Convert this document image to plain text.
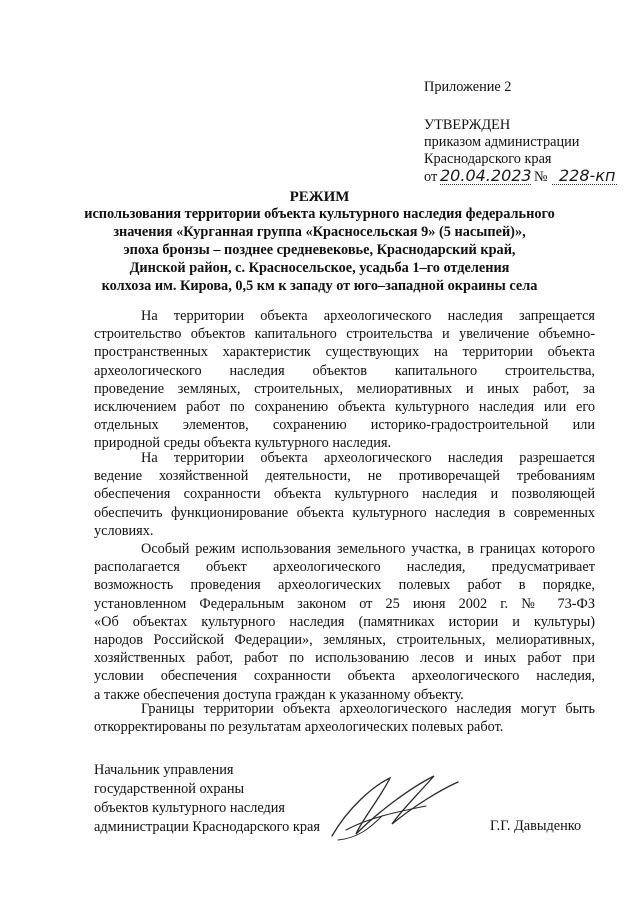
Приложение 2
УТВЕРЖДЕН
приказом администрации
Краснодарского края
от 20.04.2023 № 228-кп
РЕЖИМ
использования территории объекта культурного наследия федерального
значения «Курганная группа «Красносельская 9» (5 насыпей)»,
эпоха бронзы – позднее средневековье, Краснодарский край,
Динской район, с. Красносельское, усадьба 1–го отделения
колхоза им. Кирова, 0,5 км к западу от юго–западной окраины села
На территории объекта археологического наследия запрещается
строительство объектов капитального строительства и увеличение объемно-
пространственных характеристик существующих на территории объекта
археологического наследия объектов капитального строительства,
проведение земляных, строительных, мелиоративных и иных работ, за
исключением работ по сохранению объекта культурного наследия или его
отдельных элементов, сохранению историко-градостроительной или
природной среды объекта культурного наследия.
На территории объекта археологического наследия разрешается
ведение хозяйственной деятельности, не противоречащей требованиям
обеспечения сохранности объекта культурного наследия и позволяющей
обеспечить функционирование объекта культурного наследия в современных
условиях.
Особый режим использования земельного участка, в границах которого
располагается объект археологического наследия, предусматривает
возможность проведения археологических полевых работ в порядке,
установленном Федеральным законом от 25 июня 2002 г. № 73-ФЗ
«Об объектах культурного наследия (памятниках истории и культуры)
народов Российской Федерации», земляных, строительных, мелиоративных,
хозяйственных работ, работ по использованию лесов и иных работ при
условии обеспечения сохранности объекта археологического наследия,
а также обеспечения доступа граждан к указанному объекту.
Границы территории объекта археологического наследия могут быть
откорректированы по результатам археологических полевых работ.
Начальник управления
государственной охраны
объектов культурного наследия
администрации Краснодарского края	Г.Г. Давыденко
